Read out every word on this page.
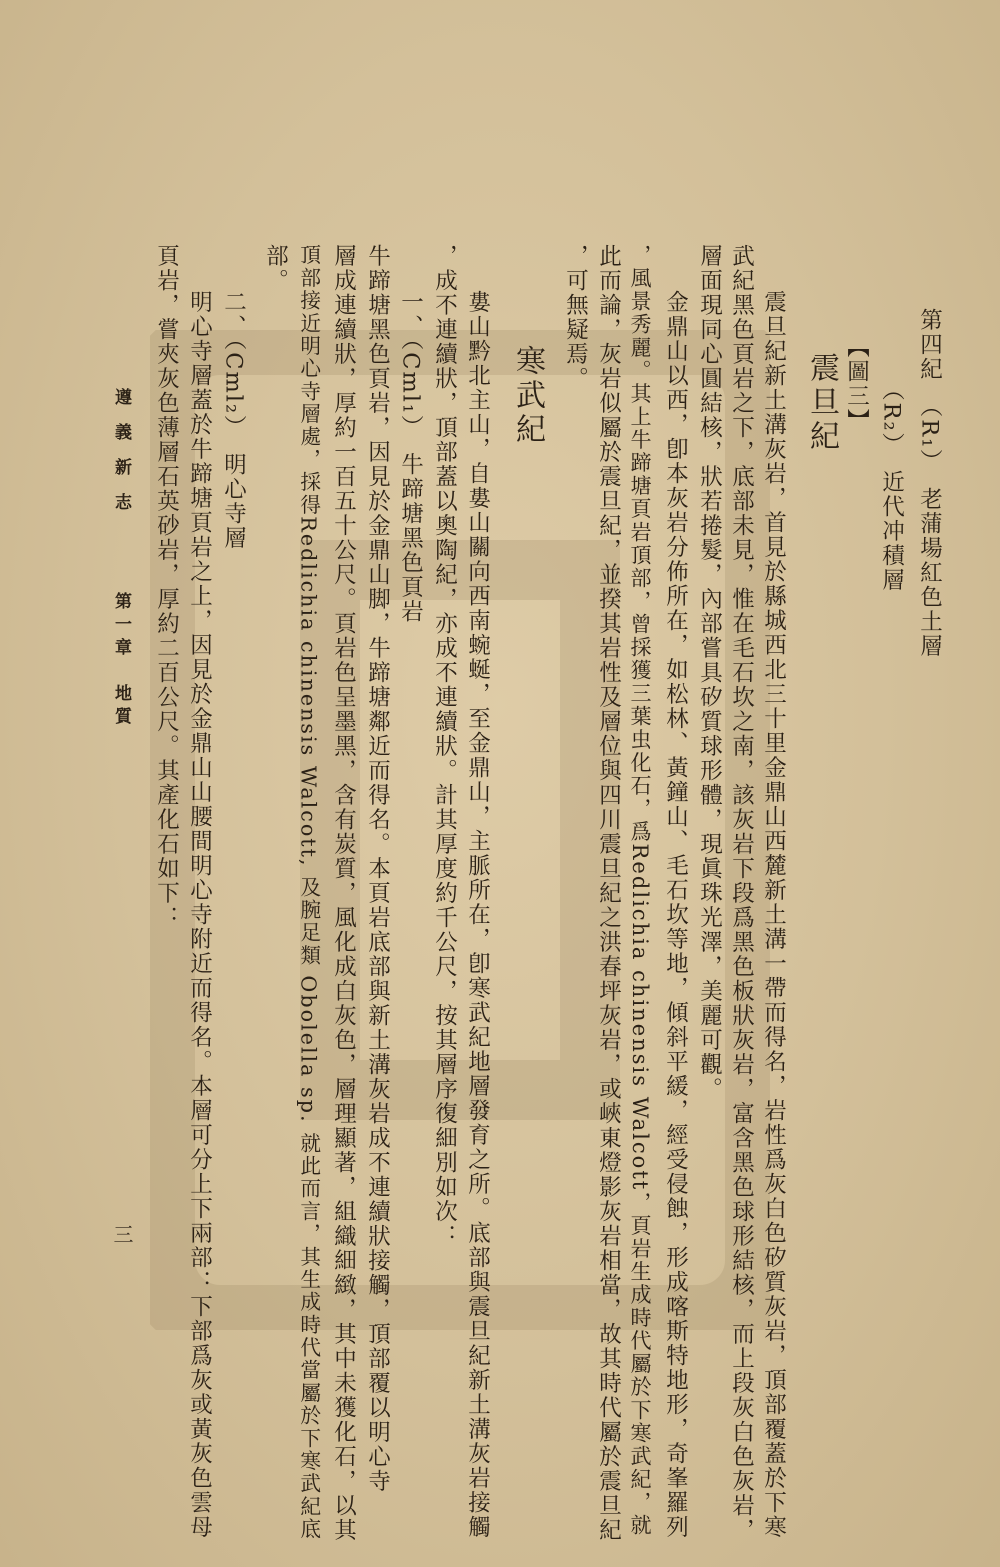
第四紀　（R₁）　老蒲場紅色土層
（R₂）　近代冲積層
【圖三】
震旦紀
震旦紀新土溝灰岩，首見於縣城西北三十里金鼎山西麓新土溝一帶而得名，岩性爲灰白色矽質灰岩，頂部覆蓋於下寒
武紀黑色頁岩之下，底部未見，惟在毛石坎之南，該灰岩下段爲黑色板狀灰岩，富含黑色球形結核，而上段灰白色灰岩，
層面現同心圓結核，狀若捲髮，內部嘗具矽質球形體，現眞珠光澤，美麗可觀。
金鼎山以西，卽本灰岩分佈所在，如松林、黃鐘山、毛石坎等地，傾斜平緩，經受侵蝕，形成喀斯特地形，奇峯羅列
，風景秀麗。其上牛蹄塘頁岩頂部，曾採獲三葉虫化石，爲Redlichia chinensis Walcott，頁岩生成時代屬於下寒武紀，就
此而論，灰岩似屬於震旦紀，並揆其岩性及層位與四川震旦紀之洪春坪灰岩，或峽東燈影灰岩相當，故其時代屬於震旦紀
，可無疑焉。
寒武紀
婁山黔北主山，自婁山關向西南蜿蜒，至金鼎山，主脈所在，卽寒武紀地層發育之所。底部與震旦紀新土溝灰岩接觸
，成不連續狀，頂部蓋以奧陶紀，亦成不連續狀。計其厚度約千公尺，按其層序復細別如次：
一、（Cml₁）　牛蹄塘黑色頁岩
牛蹄塘黑色頁岩，因見於金鼎山脚，牛蹄塘鄰近而得名。本頁岩底部與新土溝灰岩成不連續狀接觸，頂部覆以明心寺
層成連續狀，厚約一百五十公尺。頁岩色呈墨黑，含有炭質，風化成白灰色，層理顯著，組織細緻，其中未獲化石，以其
頂部接近明心寺層處，採得Redlichia chinensis Walcott, 及腕足類 Obolella sp. 就此而言，其生成時代當屬於下寒武紀底
部。
二、（Cml₂）　明心寺層
明心寺層蓋於牛蹄塘頁岩之上，因見於金鼎山山腰間明心寺附近而得名。本層可分上下兩部：下部爲灰或黃灰色雲母
頁岩，嘗夾灰色薄層石英砂岩，厚約二百公尺。其產化石如下：
遵義新志
第一章　地質
三
